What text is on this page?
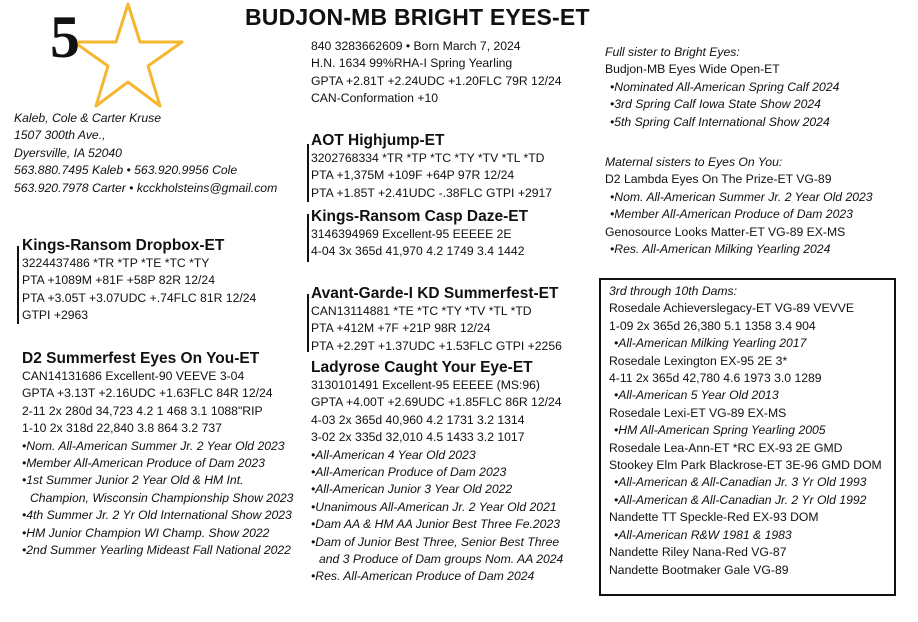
5	BUDJON-MB BRIGHT EYES-ET
Kaleb, Cole & Carter Kruse
1507 300th Ave.,
Dyersville, IA 52040
563.880.7495 Kaleb • 563.920.9956 Cole
563.920.7978 Carter • kcckholsteins@gmail.com
840 3283662609 • Born March 7, 2024
H.N. 1634 99%RHA-I Spring Yearling
GPTA +2.81T +2.24UDC +1.20FLC 79R 12/24
CAN-Conformation +10
AOT Highjump-ET
3202768334 *TR *TP *TC *TY *TV *TL *TD
PTA +1,375M +109F +64P 97R 12/24
PTA +1.85T +2.41UDC -.38FLC GTPI +2917
Kings-Ransom Casp Daze-ET
3146394969 Excellent-95 EEEEE 2E
4-04 3x 365d 41,970 4.2 1749 3.4 1442
Kings-Ransom Dropbox-ET
3224437486 *TR *TP *TE *TC *TY
PTA +1089M +81F +58P 82R 12/24
PTA +3.05T +3.07UDC +.74FLC 81R 12/24
GTPI +2963
D2 Summerfest Eyes On You-ET
CAN14131686 Excellent-90 VEEVE 3-04
GPTA +3.13T +2.16UDC +1.63FLC 84R 12/24
2-11 2x 280d 34,723 4.2 1 468 3.1 1088"RIP
1-10 2x 318d 22,840 3.8 864 3.2 737
•Nom. All-American Summer Jr. 2 Year Old 2023
•Member All-American Produce of Dam 2023
•1st Summer Junior 2 Year Old & HM Int.
Champion, Wisconsin Championship Show 2023
•4th Summer Jr. 2 Yr Old International Show 2023
•HM Junior Champion WI Champ. Show 2022
•2nd Summer Yearling Mideast Fall National 2022
Avant-Garde-I KD Summerfest-ET
CAN13114881 *TE *TC *TY *TV *TL *TD
PTA +412M +7F +21P 98R 12/24
PTA +2.29T +1.37UDC +1.53FLC GTPI +2256
Ladyrose Caught Your Eye-ET
3130101491 Excellent-95 EEEEE (MS:96)
GPTA +4.00T +2.69UDC +1.85FLC 86R 12/24
4-03 2x 365d 40,960 4.2 1731 3.2 1314
3-02 2x 335d 32,010 4.5 1433 3.2 1017
•All-American 4 Year Old 2023
•All-American Produce of Dam 2023
•All-American Junior 3 Year Old 2022
•Unanimous All-American Jr. 2 Year Old 2021
•Dam AA & HM AA Junior Best Three Fe.2023
•Dam of Junior Best Three, Senior Best Three
and 3 Produce of Dam groups Nom. AA 2024
•Res. All-American Produce of Dam 2024
Full sister to Bright Eyes:
Budjon-MB Eyes Wide Open-ET
•Nominated All-American Spring Calf 2024
•3rd Spring Calf Iowa State Show 2024
•5th Spring Calf International Show 2024
Maternal sisters to Eyes On You:
D2 Lambda Eyes On The Prize-ET VG-89
•Nom. All-American Summer Jr. 2 Year Old 2023
•Member All-American Produce of Dam 2023
Genosource Looks Matter-ET VG-89 EX-MS
•Res. All-American Milking Yearling 2024
3rd through 10th Dams:
Rosedale Achieverslegacy-ET VG-89 VEVVE
1-09 2x 365d 26,380 5.1 1358 3.4 904
•All-American Milking Yearling 2017
Rosedale Lexington EX-95 2E 3*
4-11 2x 365d 42,780 4.6 1973 3.0 1289
•All-American 5 Year Old 2013
Rosedale Lexi-ET VG-89 EX-MS
•HM All-American Spring Yearling 2005
Rosedale Lea-Ann-ET *RC EX-93 2E GMD
Stookey Elm Park Blackrose-ET 3E-96 GMD DOM
•All-American & All-Canadian Jr. 3 Yr Old 1993
•All-American & All-Canadian Jr. 2 Yr Old 1992
Nandette TT Speckle-Red EX-93 DOM
•All-American R&W 1981 & 1983
Nandette Riley Nana-Red VG-87
Nandette Bootmaker Gale VG-89
